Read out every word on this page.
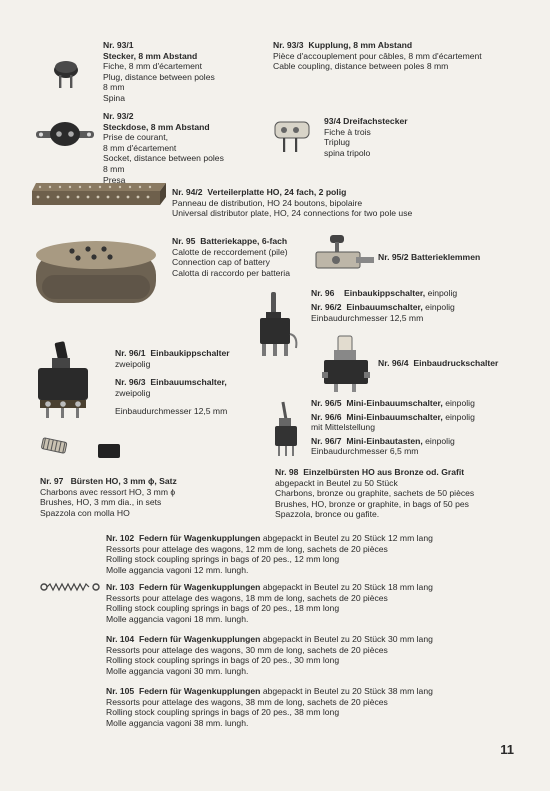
Nr. 93/1
Stecker, 8 mm Abstand
Fiche, 8 mm d'écartement
Plug, distance between poles
8 mm
Spina
Nr. 93/3 Kupplung, 8 mm Abstand
Pièce d'accouplement pour câbles, 8 mm d'écartement
Cable coupling, distance between poles 8 mm
Nr. 93/2
Steckdose, 8 mm Abstand
Prise de courant,
8 mm d'écartement
Socket, distance between poles
8 mm
Presa
93/4 Dreifachstecker
Fiche à trois
Triplug
spina tripolo
Nr. 94/2 Verteilerplatte HO, 24 fach, 2 polig
Panneau de distribution, HO 24 boutons, bipolaire
Universal distributor plate, HO, 24 connections for two pole use
Nr. 95 Batteriekappe, 6-fach
Calotte de reccordement (pile)
Connection cap of battery
Calotta di raccordo per batteria
Nr. 95/2 Batterieklemmen
Nr. 96 Einbaukippschalter, einpolig
Nr. 96/2 Einbauumschalter, einpolig
Einbaudurchmesser 12,5 mm
Nr. 96/1 Einbaukippschalter
zweipolig
Nr. 96/3 Einbauumschalter,
zweipolig
Einbaudurchmesser 12,5 mm
Nr. 96/4 Einbaudruckschalter
Nr. 96/5 Mini-Einbauumschalter, einpolig
Nr. 96/6 Mini-Einbauumschalter, einpolig
mit Mittelstellung
Nr. 96/7 Mini-Einbautasten, einpolig
Einbaudurchmesser 6,5 mm
Nr. 97 Bürsten HO, 3 mm ɸ, Satz
Charbons avec ressort HO, 3 mm ɸ
Brushes, HO, 3 mm dia., in sets
Spazzola con molla HO
Nr. 98 Einzelbürsten HO aus Bronze od. Grafit
abgepackt in Beutel zu 50 Stück
Charbons, bronze ou graphite, sachets de 50 pièces
Brushes, HO, bronze or graphite, in bags of 50 pes
Spazzola, bronce ou gafite.
Nr. 102 Federn für Wagenkupplungen abgepackt in Beutel zu 20 Stück 12 mm lang
Ressorts pour attelage des wagons, 12 mm de long, sachets de 20 pièces
Rolling stock coupling springs in bags of 20 pes., 12 mm long
Molle aggancia vagoni 12 mm. lungh.
Nr. 103 Federn für Wagenkupplungen abgepackt in Beutel zu 20 Stück 18 mm lang
Ressorts pour attelage des wagons, 18 mm de long, sachets de 20 pièces
Rolling stock coupling springs in bags of 20 pes., 18 mm long
Molle aggancia vagoni 18 mm. lungh.
Nr. 104 Federn für Wagenkupplungen abgepackt in Beutel zu 20 Stück 30 mm lang
Ressorts pour attelage des wagons, 30 mm de long, sachets de 20 pièces
Rolling stock coupling springs in bags of 20 pes., 30 mm long
Molle aggancia vagoni 30 mm. lungh.
Nr. 105 Federn für Wagenkupplungen abgepackt in Beutel zu 20 Stück 38 mm lang
Ressorts pour attelage des wagons, 38 mm de long, sachets de 20 pièces
Rolling stock coupling springs in bags of 20 pes., 38 mm long
Molle aggancia vagoni 38 mm. lungh.
11
